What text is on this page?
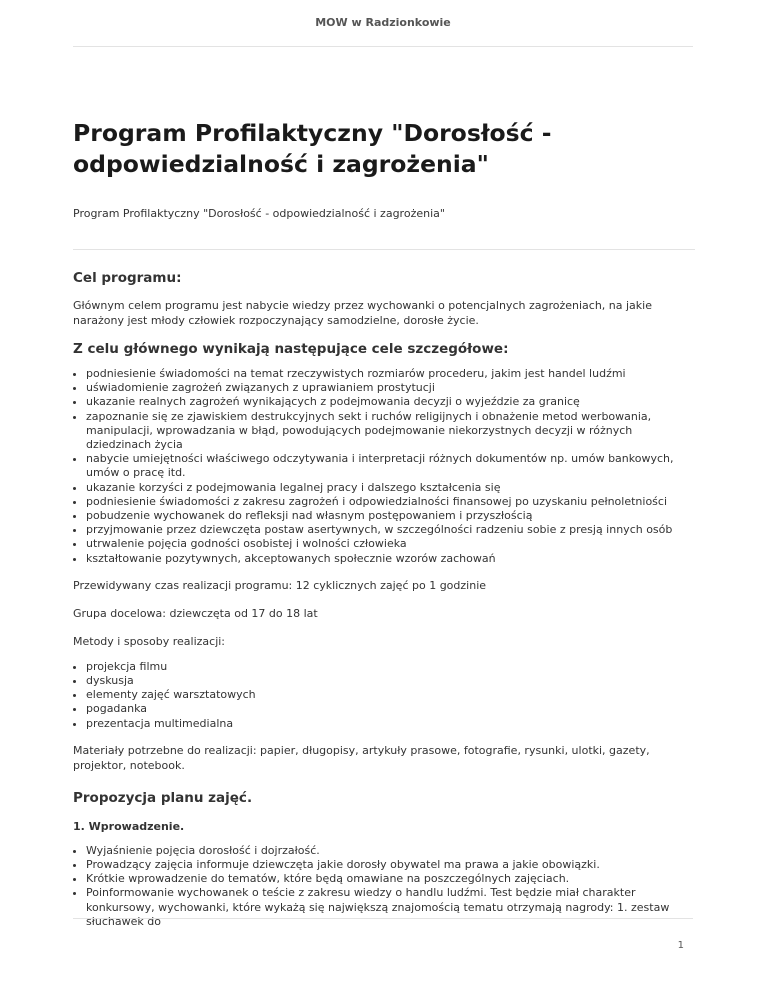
MOW w Radzionkowie
Program Profilaktyczny "Dorosłość - odpowiedzialność i zagrożenia"

Program Profilaktyczny "Dorosłość - odpowiedzialność i zagrożenia"

Cel programu:

Głównym celem programu jest nabycie wiedzy przez wychowanki o potencjalnych zagrożeniach, na jakie narażony jest młody człowiek rozpoczynający samodzielne, dorosłe życie.

Z celu głównego wynikają następujące cele szczegółowe:
• podniesienie świadomości na temat rzeczywistych rozmiarów procederu, jakim jest handel ludźmi
• uświadomienie zagrożeń związanych z uprawianiem prostytucji
• ukazanie realnych zagrożeń wynikających z podejmowania decyzji o wyjeździe za granicę
• zapoznanie się ze zjawiskiem destrukcyjnych sekt i ruchów religijnych i obnażenie metod werbowania, manipulacji, wprowadzania w błąd, powodujących podejmowanie niekorzystnych decyzji w różnych dziedzinach życia
• nabycie umiejętności właściwego odczytywania i interpretacji różnych dokumentów np. umów bankowych, umów o pracę itd.
• ukazanie korzyści z podejmowania legalnej pracy i dalszego kształcenia się
• podniesienie świadomości z zakresu zagrożeń i odpowiedzialności finansowej po uzyskaniu pełnoletniości
• pobudzenie wychowanek do refleksji nad własnym postępowaniem i przyszłością
• przyjmowanie przez dziewczęta postaw asertywnych, w szczególności radzeniu sobie z presją innych osób
• utrwalenie pojęcia godności osobistej i wolności człowieka
• kształtowanie pozytywnych, akceptowanych społecznie wzorów zachowań

Przewidywany czas realizacji programu: 12 cyklicznych zajęć po 1 godzinie

Grupa docelowa: dziewczęta od 17 do 18 lat

Metody i sposoby realizacji:

• projekcja filmu
• dyskusja
• elementy zajęć warsztatowych
• pogadanka
• prezentacja multimedialna

Materiały potrzebne do realizacji: papier, długopisy, artykuły prasowe, fotografie, rysunki, ulotki, gazety, projektor, notebook.

Propozycja planu zajęć.
1. Wprowadzenie.
• Wyjaśnienie pojęcia dorosłość i dojrzałość.
• Prowadzący zajęcia informuje dziewczęta jakie dorosły obywatel ma prawa a jakie obowiązki.
• Krótkie wprowadzenie do tematów, które będą omawiane na poszczególnych zajęciach.
• Poinformowanie wychowanek o teście z zakresu wiedzy o handlu ludźmi. Test będzie miał charakter konkursowy, wychowanki, które wykażą się największą znajomością tematu otrzymają nagrody: 1. zestaw słuchawek do
1
